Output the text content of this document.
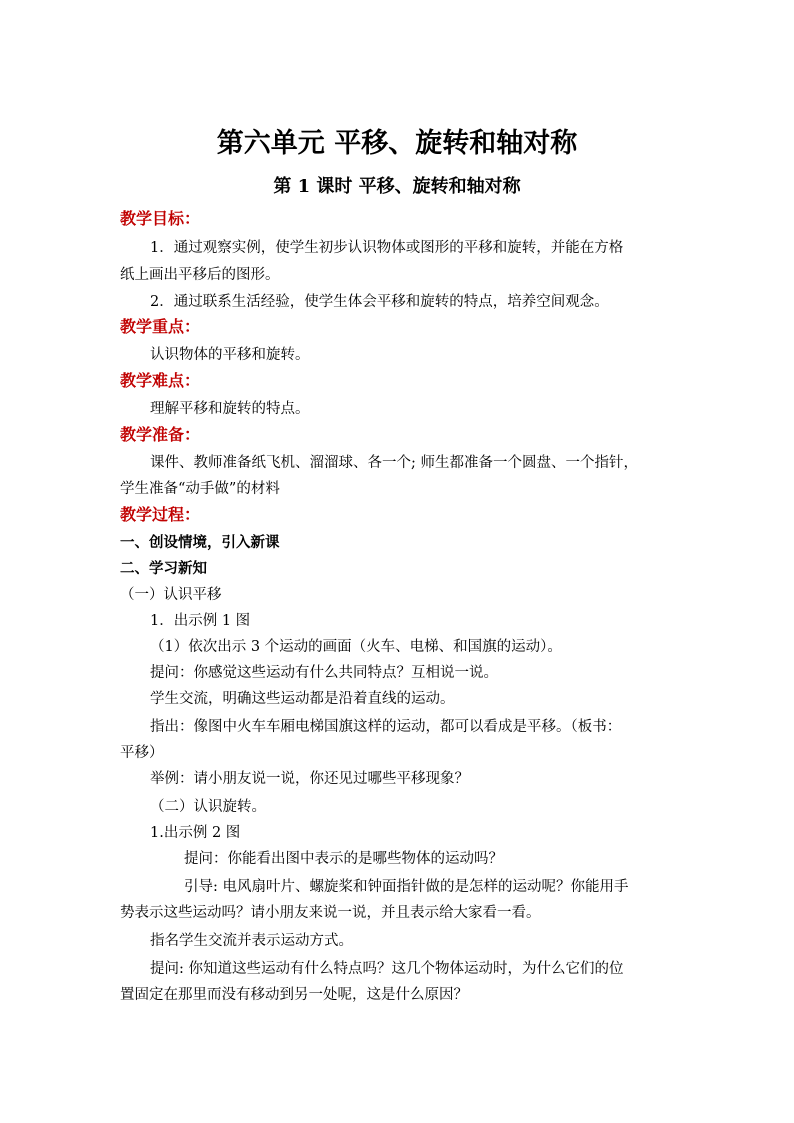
第六单元 平移、旋转和轴对称
第 1 课时 平移、旋转和轴对称
教学目标：
1．通过观察实例，使学生初步认识物体或图形的平移和旋转，并能在方格
纸上画出平移后的图形。
2．通过联系生活经验，使学生体会平移和旋转的特点，培养空间观念。
教学重点：
认识物体的平移和旋转。
教学难点：
理解平移和旋转的特点。
教学准备：
课件、教师准备纸飞机、溜溜球、各一个; 师生都准备一个圆盘、一个指针，
学生准备“动手做”的材料
教学过程：
一、创设情境，引入新课
二、学习新知
（一）认识平移
1．出示例 1 图
（1）依次出示 3 个运动的画面（火车、电梯、和国旗的运动）。
提问：你感觉这些运动有什么共同特点？互相说一说。
学生交流，明确这些运动都是沿着直线的运动。
指出：像图中火车车厢电梯国旗这样的运动，都可以看成是平移。（板书：
平移）
举例：请小朋友说一说，你还见过哪些平移现象？
（二）认识旋转。
1.出示例 2 图
提问：你能看出图中表示的是哪些物体的运动吗？
引导: 电风扇叶片、螺旋桨和钟面指针做的是怎样的运动呢？你能用手
势表示这些运动吗？请小朋友来说一说，并且表示给大家看一看。
指名学生交流并表示运动方式。
提问: 你知道这些运动有什么特点吗？这几个物体运动时，为什么它们的位
置固定在那里而没有移动到另一处呢，这是什么原因？
